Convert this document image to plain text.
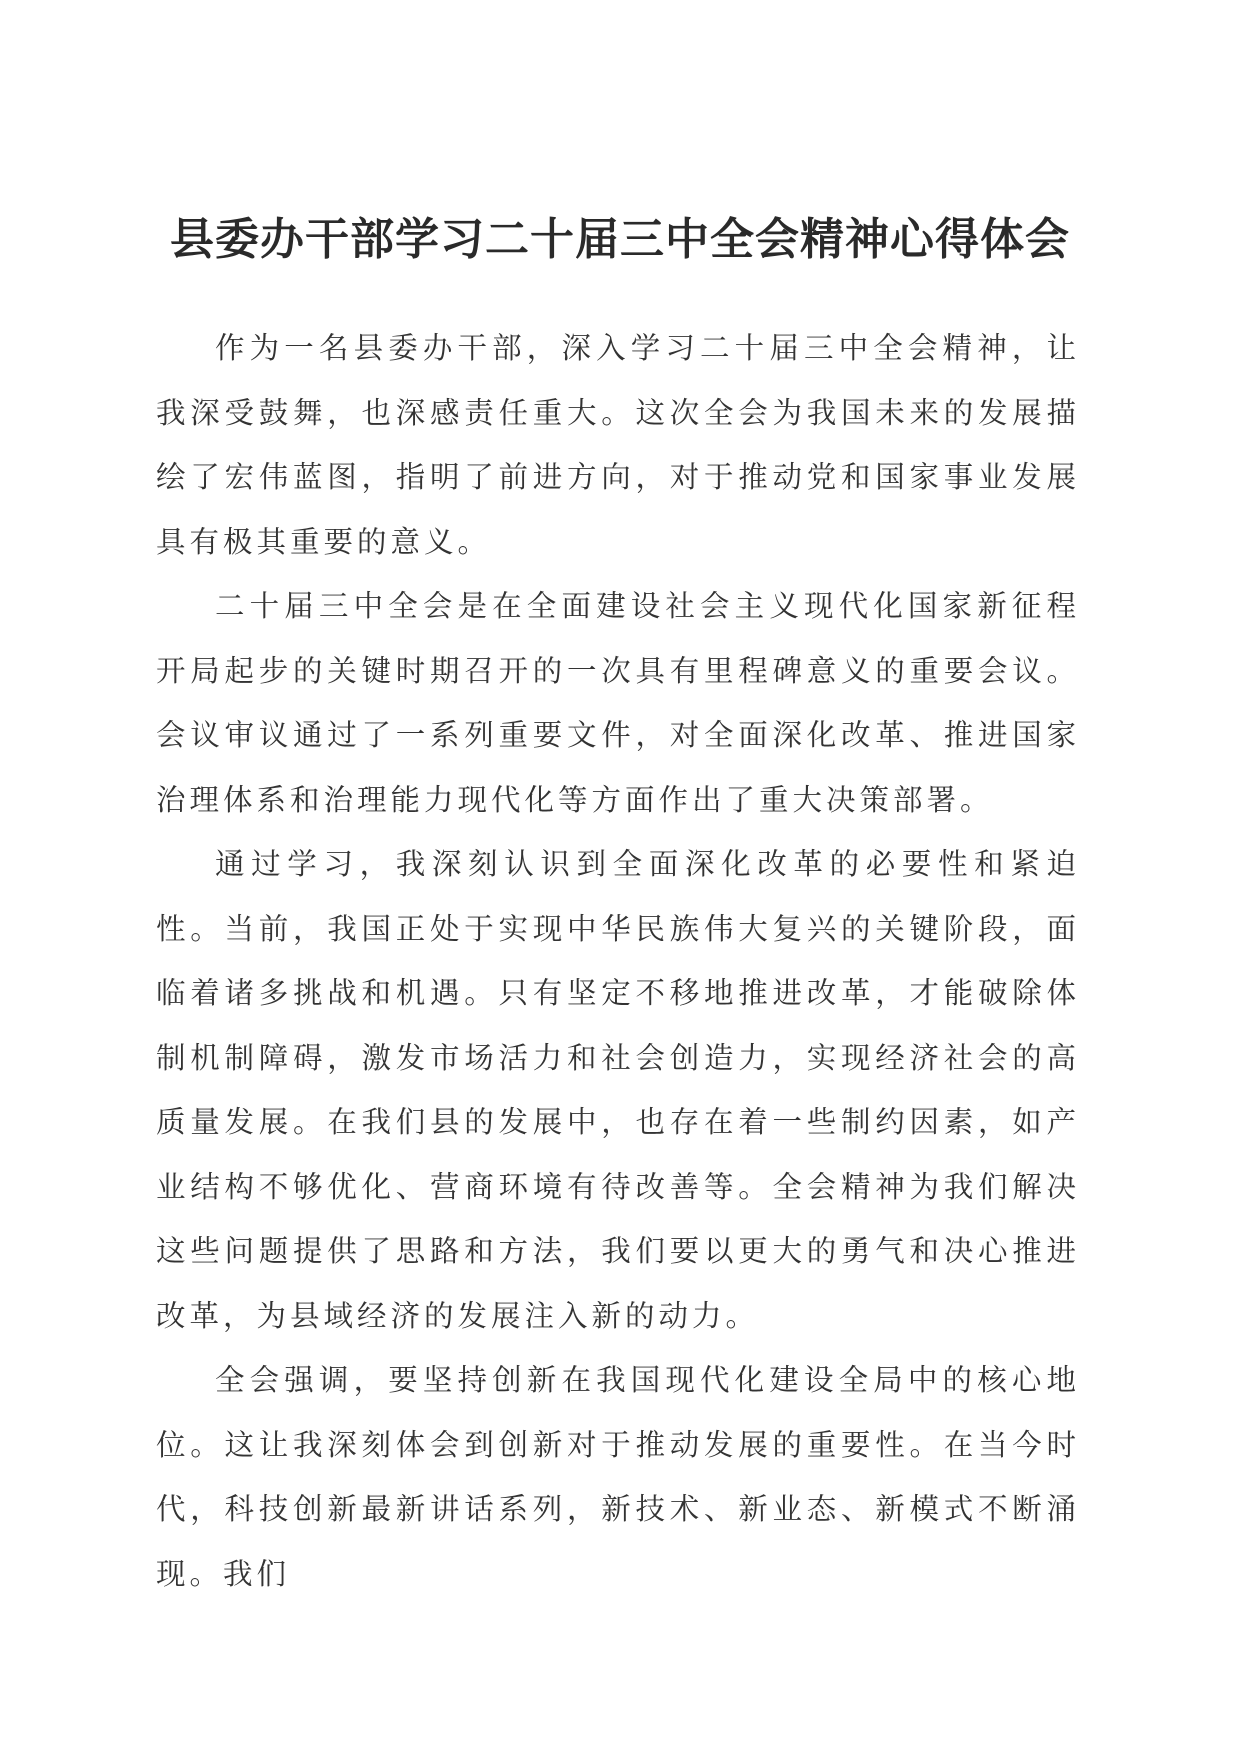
县委办干部学习二十届三中全会精神心得体会

作为一名县委办干部，深入学习二十届三中全会精神，让我深受鼓舞，也深感责任重大。这次全会为我国未来的发展描绘了宏伟蓝图，指明了前进方向，对于推动党和国家事业发展具有极其重要的意义。

二十届三中全会是在全面建设社会主义现代化国家新征程开局起步的关键时期召开的一次具有里程碑意义的重要会议。会议审议通过了一系列重要文件，对全面深化改革、推进国家治理体系和治理能力现代化等方面作出了重大决策部署。

通过学习，我深刻认识到全面深化改革的必要性和紧迫性。当前，我国正处于实现中华民族伟大复兴的关键阶段，面临着诸多挑战和机遇。只有坚定不移地推进改革，才能破除体制机制障碍，激发市场活力和社会创造力，实现经济社会的高质量发展。在我们县的发展中，也存在着一些制约因素，如产业结构不够优化、营商环境有待改善等。全会精神为我们解决这些问题提供了思路和方法，我们要以更大的勇气和决心推进改革，为县域经济的发展注入新的动力。

全会强调，要坚持创新在我国现代化建设全局中的核心地位。这让我深刻体会到创新对于推动发展的重要性。在当今时代，科技创新最新讲话系列，新技术、新业态、新模式不断涌现。我们
